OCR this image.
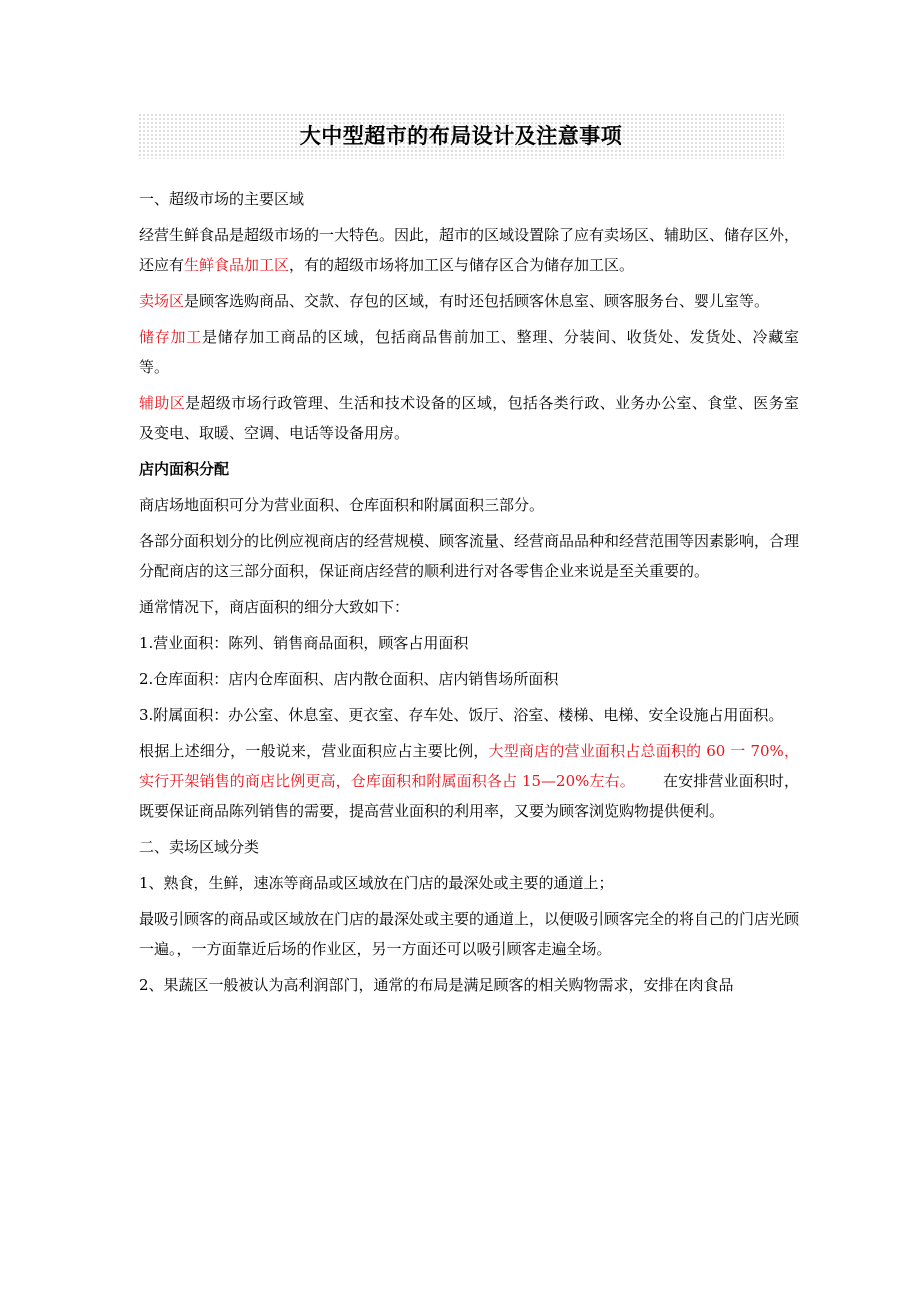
大中型超市的布局设计及注意事项

一、超级市场的主要区域

经营生鲜食品是超级市场的一大特色。因此，超市的区域设置除了应有卖场区、辅助区、储存区外，还应有生鲜食品加工区，有的超级市场将加工区与储存区合为储存加工区。

卖场区是顾客选购商品、交款、存包的区域，有时还包括顾客休息室、顾客服务台、婴儿室等。

储存加工是储存加工商品的区域，包括商品售前加工、整理、分装间、收货处、发货处、冷藏室等。

辅助区是超级市场行政管理、生活和技术设备的区域，包括各类行政、业务办公室、食堂、医务室及变电、取暖、空调、电话等设备用房。

店内面积分配

商店场地面积可分为营业面积、仓库面积和附属面积三部分。

各部分面积划分的比例应视商店的经营规模、顾客流量、经营商品品种和经营范围等因素影响，合理分配商店的这三部分面积，保证商店经营的顺利进行对各零售企业来说是至关重要的。

通常情况下，商店面积的细分大致如下：

1.营业面积：陈列、销售商品面积，顾客占用面积

2.仓库面积：店内仓库面积、店内散仓面积、店内销售场所面积

3.附属面积：办公室、休息室、更衣室、存车处、饭厅、浴室、楼梯、电梯、安全设施占用面积。

根据上述细分，一般说来，营业面积应占主要比例，大型商店的营业面积占总面积的 60 一 70%，实行开架销售的商店比例更高，仓库面积和附属面积各占 15—20%左右。 在安排营业面积时，既要保证商品陈列销售的需要，提高营业面积的利用率，又要为顾客浏览购物提供便利。

二、卖场区域分类

1、熟食，生鲜，速冻等商品或区域放在门店的最深处或主要的通道上；

最吸引顾客的商品或区域放在门店的最深处或主要的通道上，以便吸引顾客完全的将自己的门店光顾一遍。，一方面靠近后场的作业区，另一方面还可以吸引顾客走遍全场。

2、果蔬区一般被认为高利润部门，通常的布局是满足顾客的相关购物需求，安排在肉食品
